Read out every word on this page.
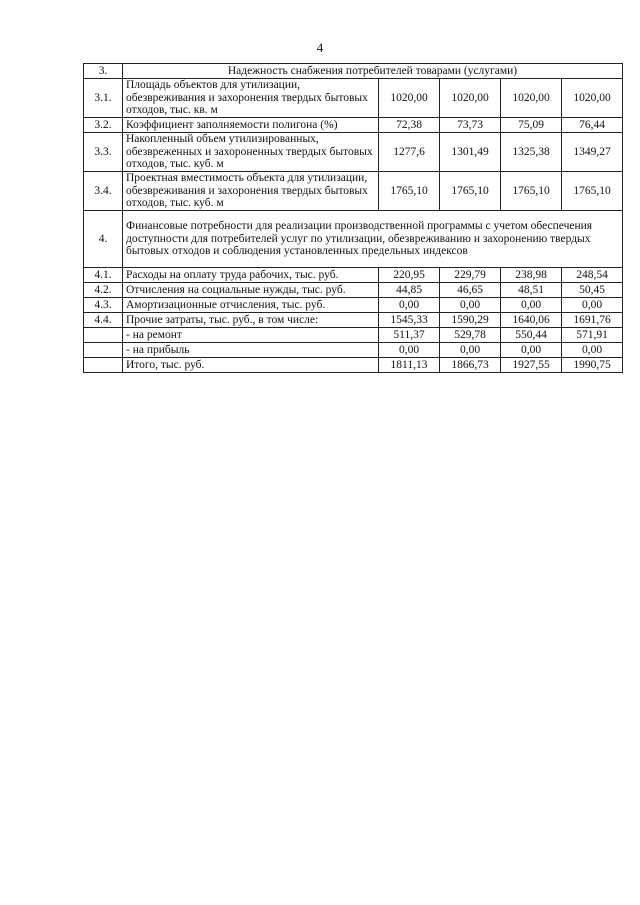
4
3.	Надежность снабжения потребителей товарами (услугами)				
3.1.	Площадь объектов для утилизации, обезвреживания и захоронения твердых бытовых отходов, тыс. кв. м	1020,00	1020,00	1020,00	1020,00
3.2.	Коэффициент заполняемости полигона (%)	72,38	73,73	75,09	76,44
3.3.	Накопленный объем утилизированных, обезвреженных и захороненных твердых бытовых отходов, тыс. куб. м	1277,6	1301,49	1325,38	1349,27
3.4.	Проектная вместимость объекта для утилизации, обезвреживания и захоронения твердых бытовых отходов, тыс. куб. м	1765,10	1765,10	1765,10	1765,10
4.	Финансовые потребности для реализации производственной программы с учетом обеспечения доступности для потребителей услуг по утилизации, обезвреживанию и захоронению твердых бытовых отходов и соблюдения установленных предельных индексов				
4.1.	Расходы на оплату труда рабочих, тыс. руб.	220,95	229,79	238,98	248,54
4.2.	Отчисления на социальные нужды, тыс. руб.	44,85	46,65	48,51	50,45
4.3.	Амортизационные отчисления, тыс. руб.	0,00	0,00	0,00	0,00
4.4.	Прочие затраты, тыс. руб., в том числе:	1545,33	1590,29	1640,06	1691,76
	- на ремонт	511,37	529,78	550,44	571,91
	- на прибыль	0,00	0,00	0,00	0,00
	Итого, тыс. руб.	1811,13	1866,73	1927,55	1990,75
